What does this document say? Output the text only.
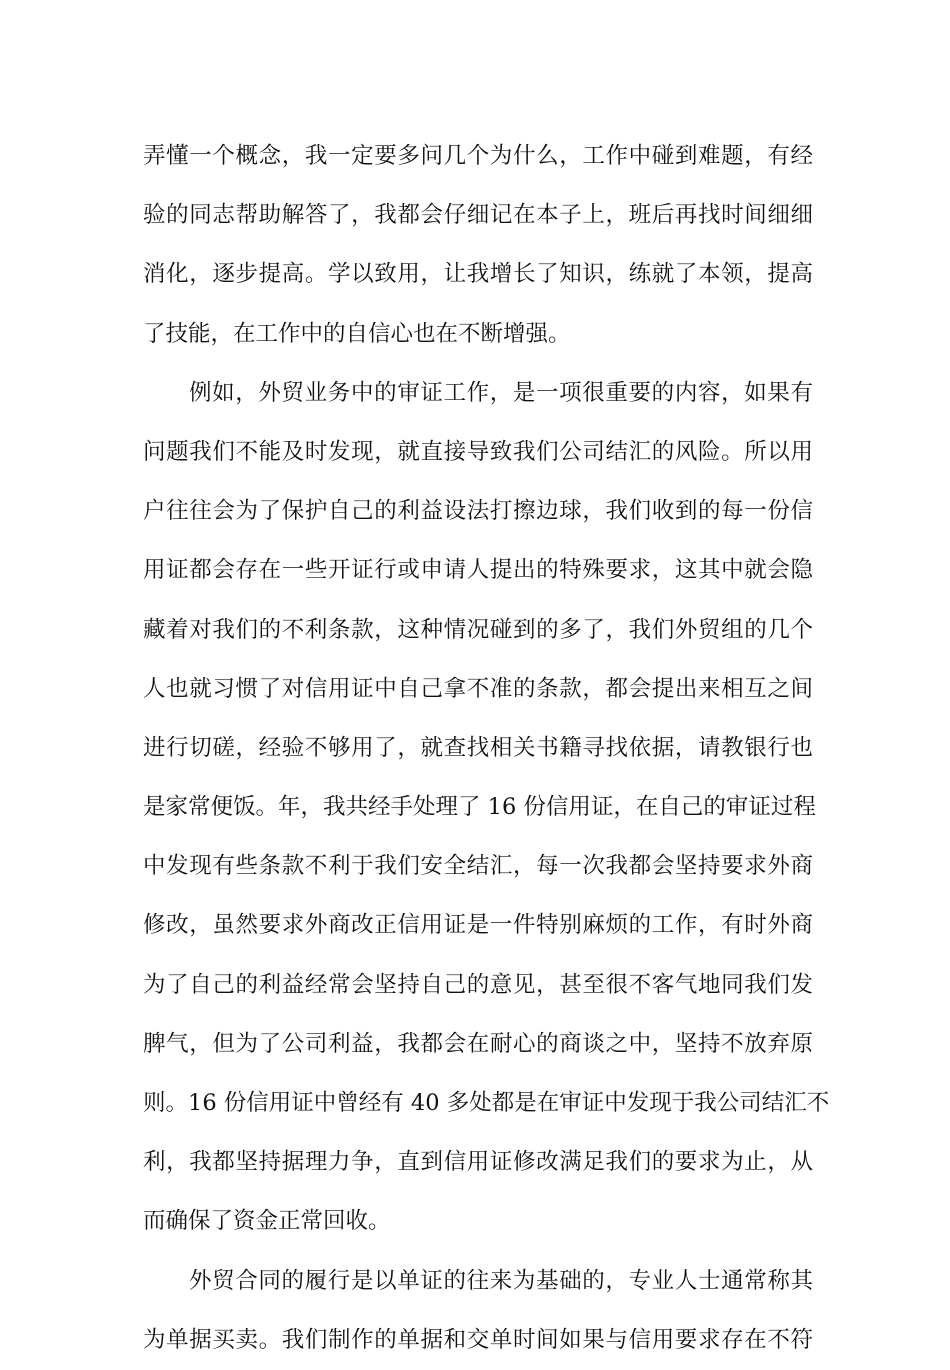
弄懂一个概念，我一定要多问几个为什么，工作中碰到难题，有经
验的同志帮助解答了，我都会仔细记在本子上，班后再找时间细细
消化，逐步提高。学以致用，让我增长了知识，练就了本领，提高
了技能，在工作中的自信心也在不断增强。
例如，外贸业务中的审证工作，是一项很重要的内容，如果有
问题我们不能及时发现，就直接导致我们公司结汇的风险。所以用
户往往会为了保护自己的利益设法打擦边球，我们收到的每一份信
用证都会存在一些开证行或申请人提出的特殊要求，这其中就会隐
藏着对我们的不利条款，这种情况碰到的多了，我们外贸组的几个
人也就习惯了对信用证中自己拿不准的条款，都会提出来相互之间
进行切磋，经验不够用了，就查找相关书籍寻找依据，请教银行也
是家常便饭。年，我共经手处理了 16 份信用证，在自己的审证过程
中发现有些条款不利于我们安全结汇，每一次我都会坚持要求外商
修改，虽然要求外商改正信用证是一件特别麻烦的工作，有时外商
为了自己的利益经常会坚持自己的意见，甚至很不客气地同我们发
脾气，但为了公司利益，我都会在耐心的商谈之中，坚持不放弃原
则。16 份信用证中曾经有 40 多处都是在审证中发现于我公司结汇不
利，我都坚持据理力争，直到信用证修改满足我们的要求为止，从
而确保了资金正常回收。
外贸合同的履行是以单证的往来为基础的，专业人士通常称其
为单据买卖。我们制作的单据和交单时间如果与信用要求存在不符
